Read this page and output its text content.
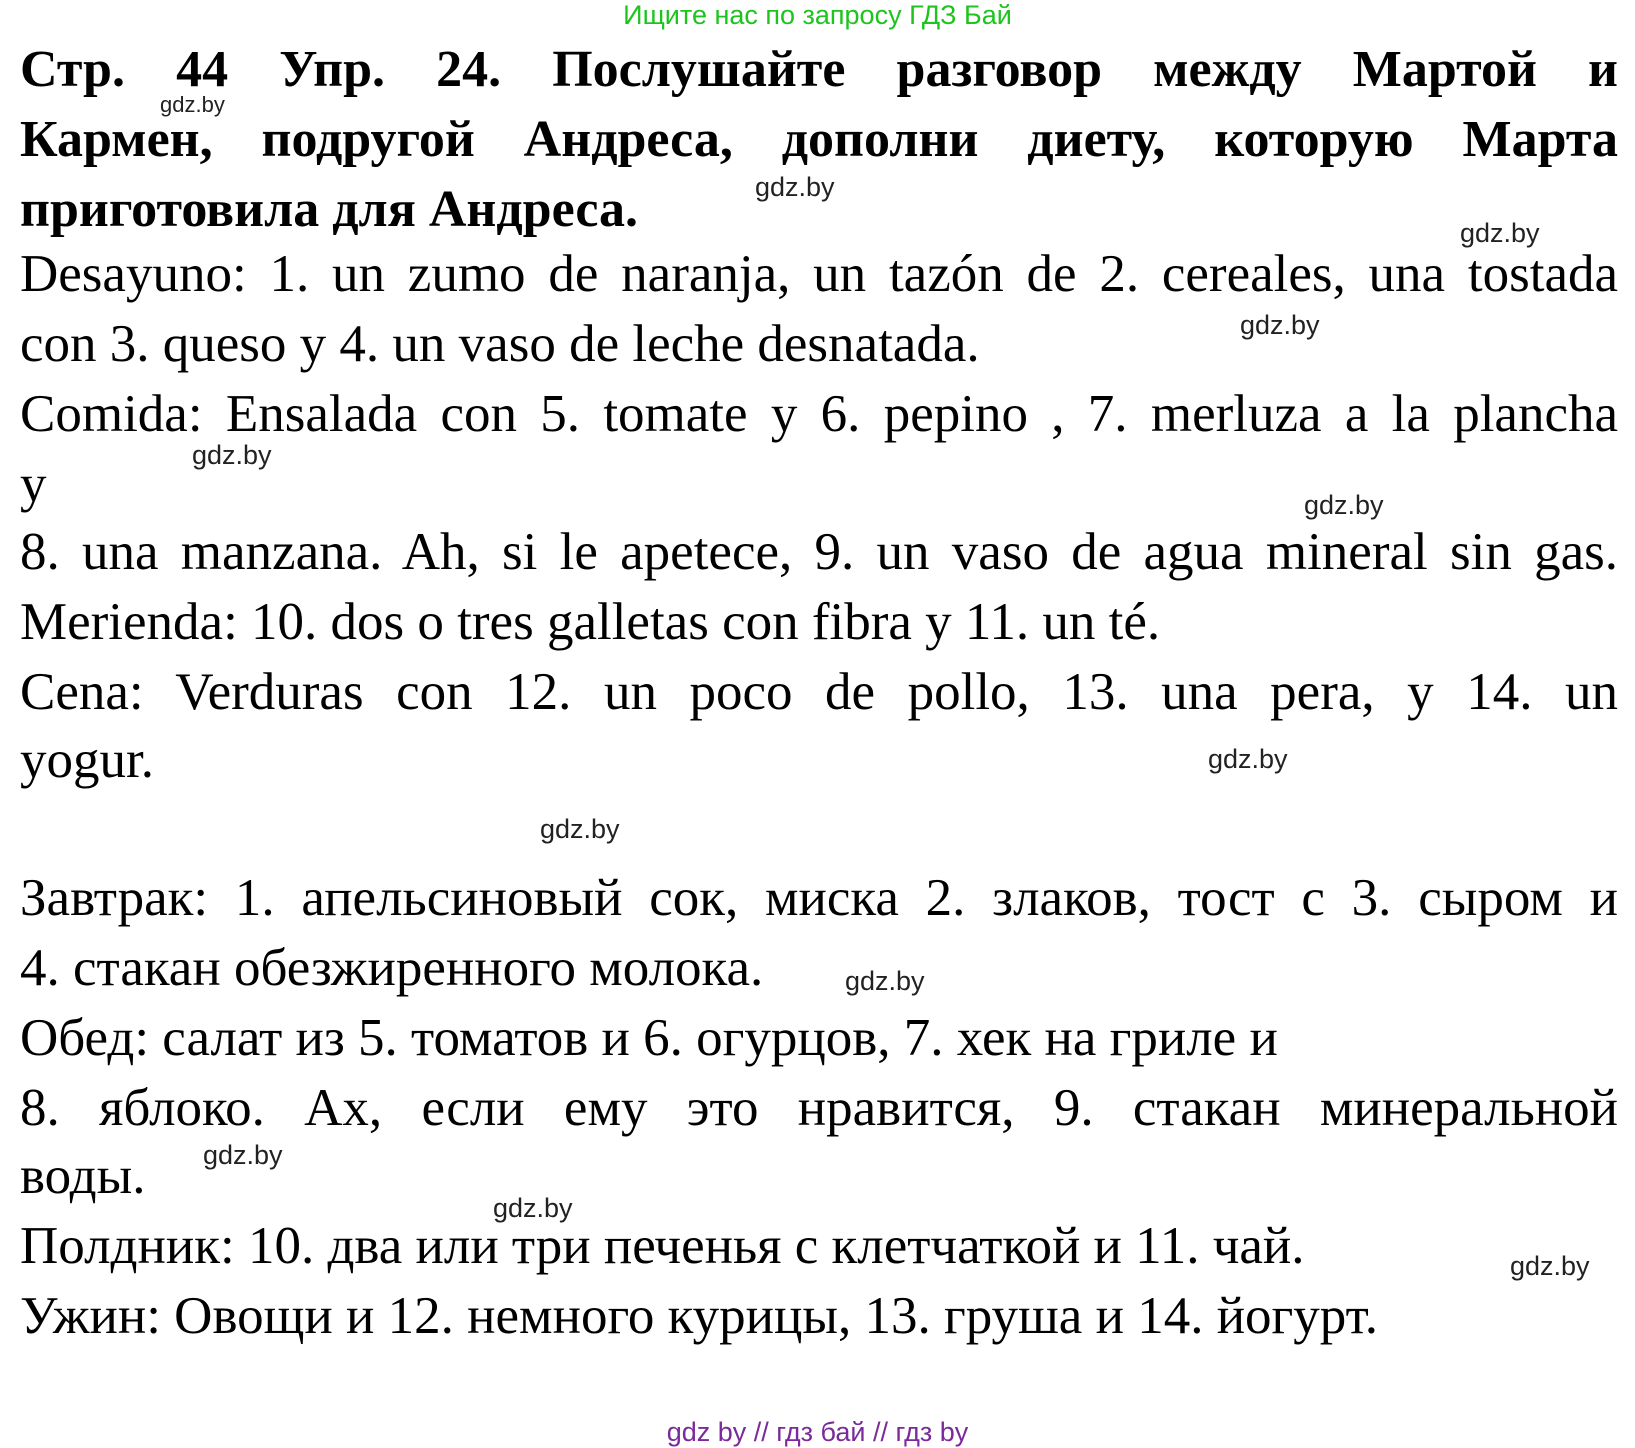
Ищите нас по запросу ГДЗ Бай
Стр. 44 Упр. 24. Послушайте разговор между Мартой и
Кармен, подругой Андреса, дополни диету, которую Марта
приготовила для Андреса.
Desayuno: 1. un zumo de naranja, un tazón de 2. cereales, una tostada
con 3. queso y 4. un vaso de leche desnatada.
Comida: Ensalada con 5. tomate y 6. pepino , 7. merluza a la plancha
y
8. una manzana. Ah, si le apetece, 9. un vaso de agua mineral sin gas.
Merienda: 10. dos o tres galletas con fibra y 11. un té.
Cena: Verduras con 12. un poco de pollo, 13. una pera, y 14. un
yogur.
Завтрак: 1. апельсиновый сок, миска 2. злаков, тост с 3. сыром и
4. стакан обезжиренного молока.
Обед: салат из 5. томатов и 6. огурцов, 7. хек на гриле и
8. яблоко. Ах, если ему это нравится, 9. стакан минеральной
воды.
Полдник: 10. два или три печенья с клетчаткой и 11. чай.
Ужин: Овощи и 12. немного курицы, 13. груша и 14. йогурт.
gdz.by
gdz.by
gdz.by
gdz.by
gdz.by
gdz.by
gdz.by
gdz.by
gdz.by
gdz.by
gdz.by
gdz.by
gdz by // гдз бай // гдз by
